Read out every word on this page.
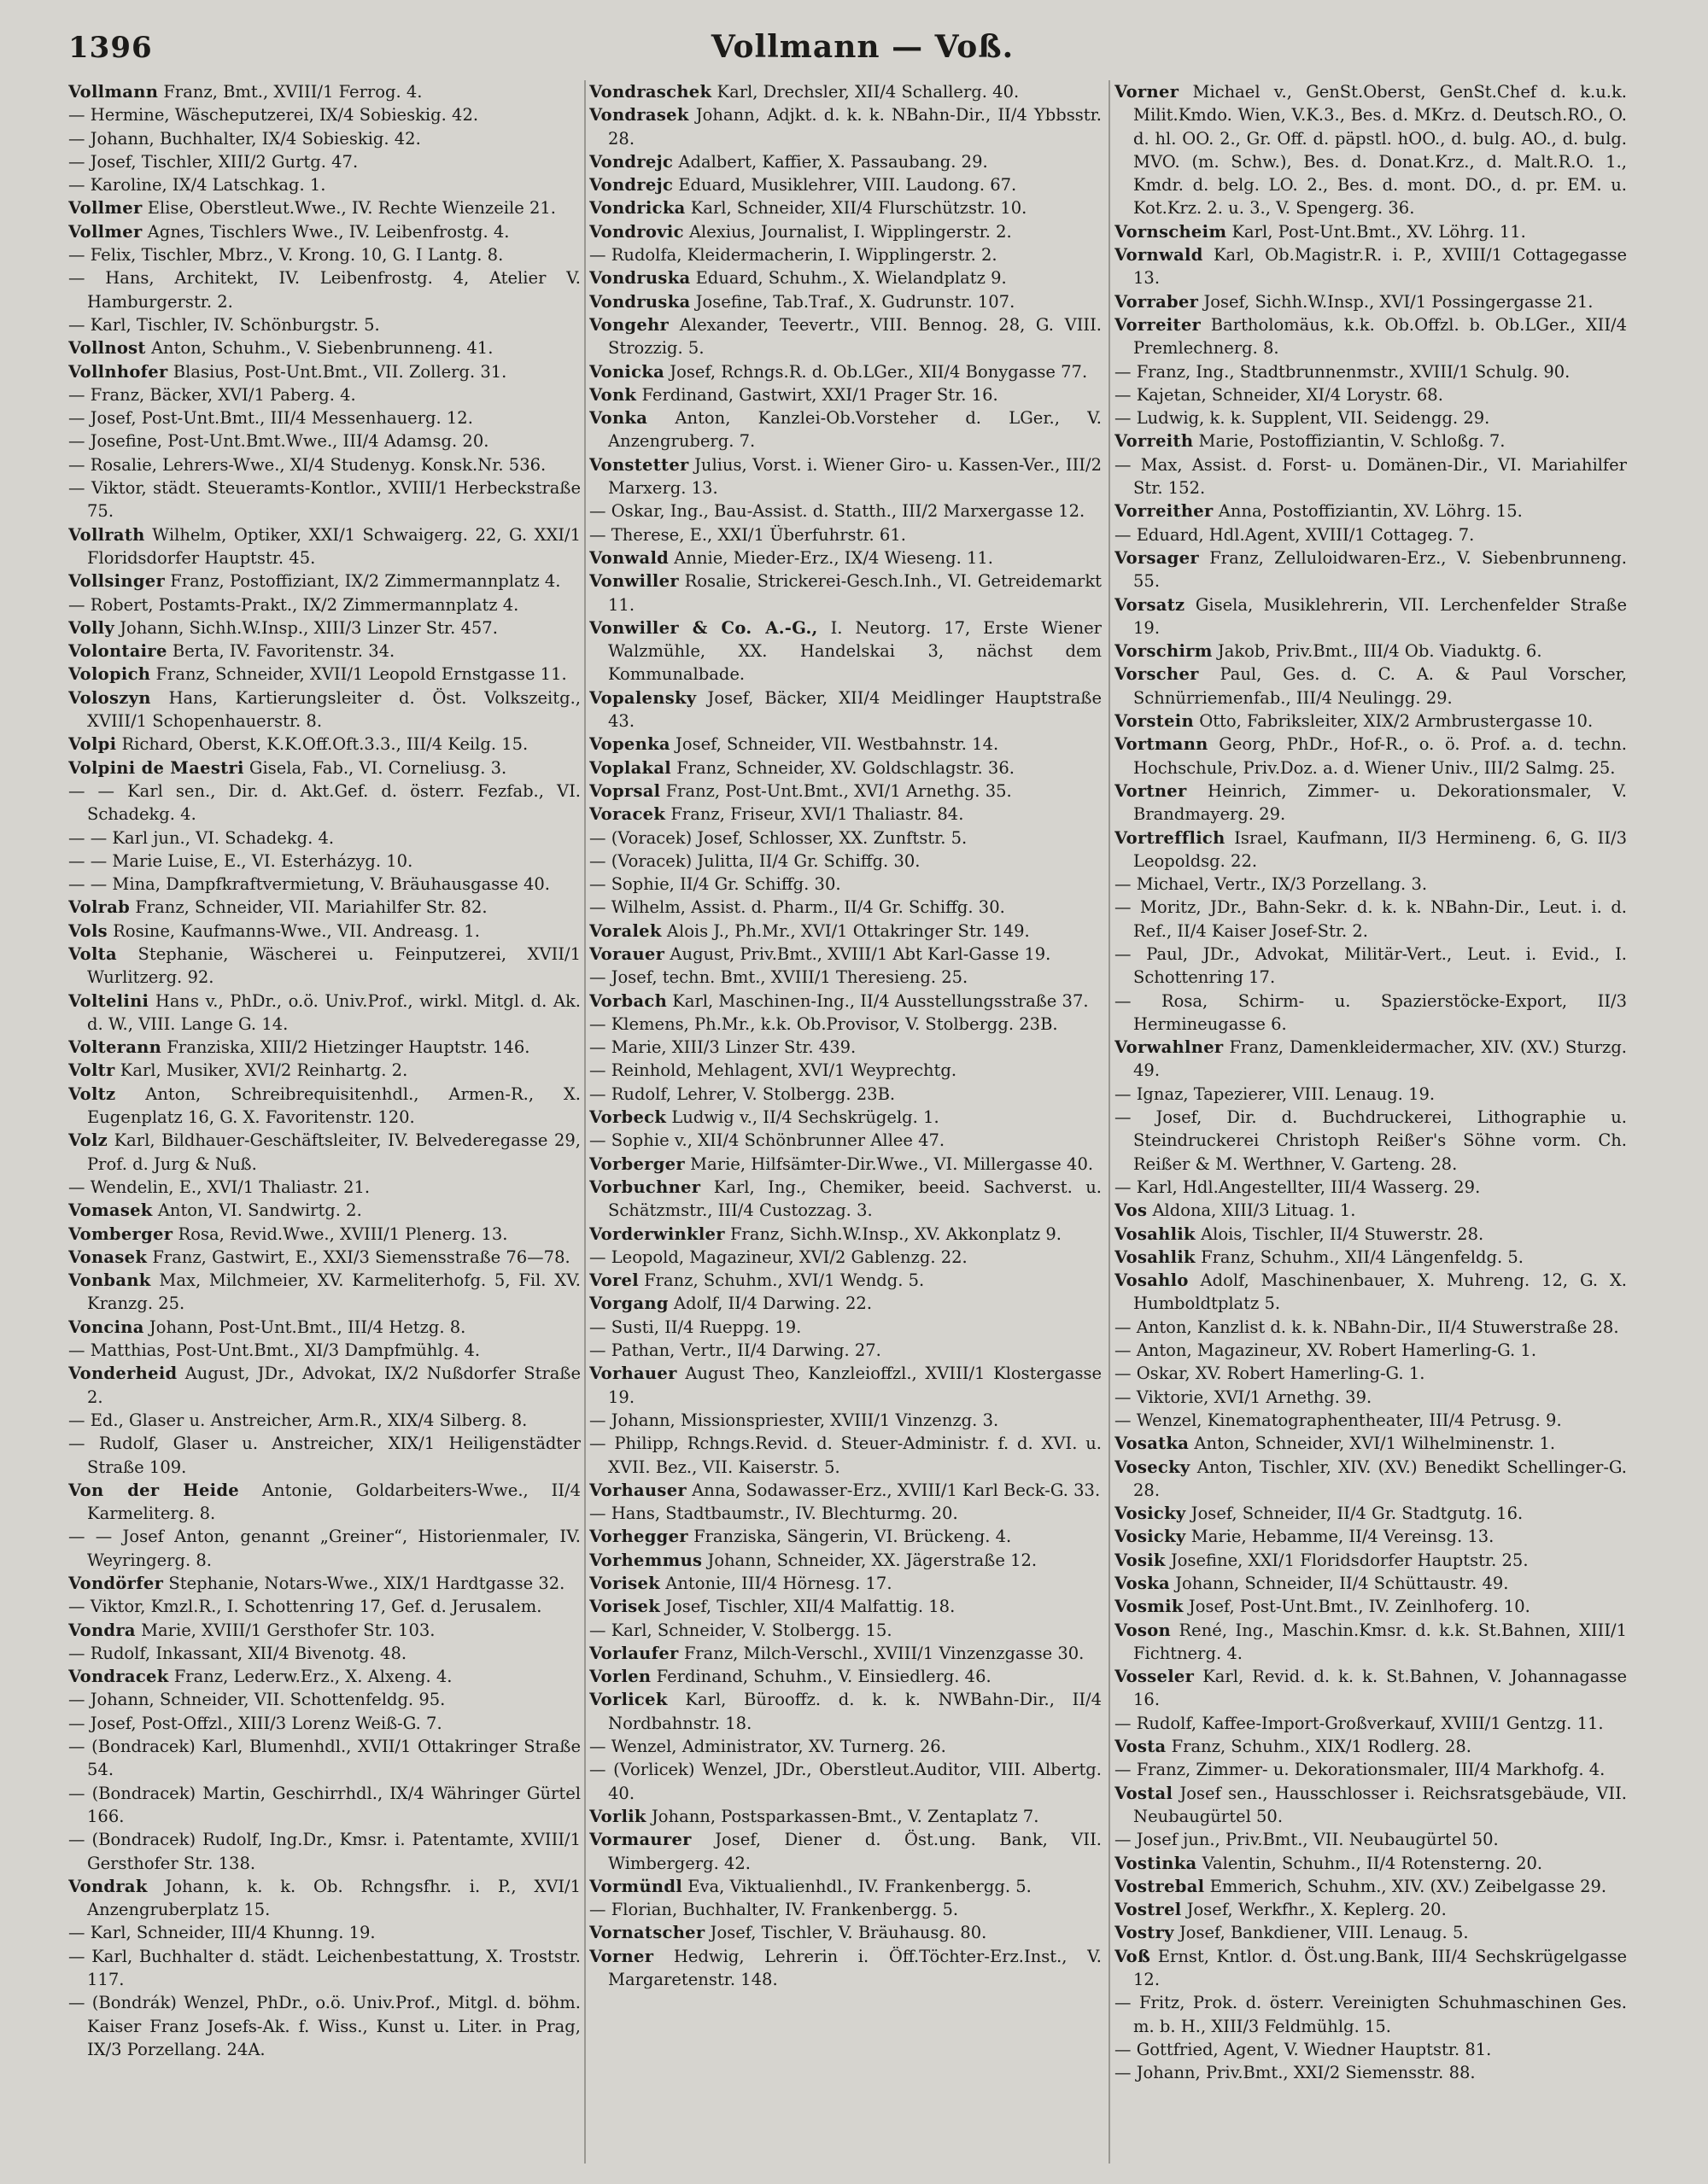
1396	Vollmann — Voß.

Vollmann Franz, Bmt., XVIII/1 Ferrog. 4.

— Hermine, Wäscheputzerei, IX/4 Sobieskig. 42.

— Johann, Buchhalter, IX/4 Sobieskig. 42.

— Josef, Tischler, XIII/2 Gurtg. 47.

— Karoline, IX/4 Latschkag. 1.

Vollmer Elise, Oberstleut.Wwe., IV. Rechte Wienzeile 21.

Vollmer Agnes, Tischlers Wwe., IV. Leibenfrostg. 4.

— Felix, Tischler, Mbrz., V. Krong. 10, G. I Lantg. 8.

— Hans, Architekt, IV. Leibenfrostg. 4, Atelier V. Hamburgerstr. 2.

— Karl, Tischler, IV. Schönburgstr. 5.

Vollnost Anton, Schuhm., V. Siebenbrunneng. 41.

Vollnhofer Blasius, Post-Unt.Bmt., VII. Zollerg. 31.

— Franz, Bäcker, XVI/1 Paberg. 4.

— Josef, Post-Unt.Bmt., III/4 Messenhauerg. 12.

— Josefine, Post-Unt.Bmt.Wwe., III/4 Adamsg. 20.

— Rosalie, Lehrers-Wwe., XI/4 Studenyg. Konsk.Nr. 536.

— Viktor, städt. Steueramts-Kontlor., XVIII/1 Herbeckstraße 75.

Vollrath Wilhelm, Optiker, XXI/1 Schwaigerg. 22, G. XXI/1 Floridsdorfer Hauptstr. 45.

Vollsinger Franz, Postoffiziant, IX/2 Zimmermannplatz 4.

— Robert, Postamts-Prakt., IX/2 Zimmermannplatz 4.

Volly Johann, Sichh.W.Insp., XIII/3 Linzer Str. 457.

Volontaire Berta, IV. Favoritenstr. 34.

Volopich Franz, Schneider, XVII/1 Leopold Ernstgasse 11.

Voloszyn Hans, Kartierungsleiter d. Öst. Volkszeitg., XVIII/1 Schopenhauerstr. 8.

Volpi Richard, Oberst, K.K.Off.Oft.3.3., III/4 Keilg. 15.

Volpini de Maestri Gisela, Fab., VI. Corneliusg. 3.

— — Karl sen., Dir. d. Akt.Gef. d. österr. Fezfab., VI. Schadekg. 4.

— — Karl jun., VI. Schadekg. 4.

— — Marie Luise, E., VI. Esterházyg. 10.

— — Mina, Dampfkraftvermietung, V. Bräuhausgasse 40.

Volrab Franz, Schneider, VII. Mariahilfer Str. 82.

Vols Rosine, Kaufmanns-Wwe., VII. Andreasg. 1.

Volta Stephanie, Wäscherei u. Feinputzerei, XVII/1 Wurlitzerg. 92.

Voltelini Hans v., PhDr., o.ö. Univ.Prof., wirkl. Mitgl. d. Ak. d. W., VIII. Lange G. 14.

Volterann Franziska, XIII/2 Hietzinger Hauptstr. 146.

Voltr Karl, Musiker, XVI/2 Reinhartg. 2.

Voltz Anton, Schreibrequisitenhdl., Armen-R., X. Eugenplatz 16, G. X. Favoritenstr. 120.

Volz Karl, Bildhauer-Geschäftsleiter, IV. Belvederegasse 29, Prof. d. Jurg & Nuß.

— Wendelin, E., XVI/1 Thaliastr. 21.

Vomasek Anton, VI. Sandwirtg. 2.

Vomberger Rosa, Revid.Wwe., XVIII/1 Plenerg. 13.

Vonasek Franz, Gastwirt, E., XXI/3 Siemensstraße 76—78.

Vonbank Max, Milchmeier, XV. Karmeliterhofg. 5, Fil. XV. Kranzg. 25.

Voncina Johann, Post-Unt.Bmt., III/4 Hetzg. 8.

— Matthias, Post-Unt.Bmt., XI/3 Dampfmühlg. 4.

Vonderheid August, JDr., Advokat, IX/2 Nußdorfer Straße 2.

— Ed., Glaser u. Anstreicher, Arm.R., XIX/4 Silberg. 8.

— Rudolf, Glaser u. Anstreicher, XIX/1 Heiligenstädter Straße 109.

Von der Heide Antonie, Goldarbeiters-Wwe., II/4 Karmeliterg. 8.

— — Josef Anton, genannt „Greiner“, Historienmaler, IV. Weyringerg. 8.

Vondörfer Stephanie, Notars-Wwe., XIX/1 Hardtgasse 32.

— Viktor, Kmzl.R., I. Schottenring 17, Gef. d. Jerusalem.

Vondra Marie, XVIII/1 Gersthofer Str. 103.

— Rudolf, Inkassant, XII/4 Bivenotg. 48.

Vondracek Franz, Lederw.Erz., X. Alxeng. 4.

— Johann, Schneider, VII. Schottenfeldg. 95.

— Josef, Post-Offzl., XIII/3 Lorenz Weiß-G. 7.

— (Bondracek) Karl, Blumenhdl., XVII/1 Ottakringer Straße 54.

— (Bondracek) Martin, Geschirrhdl., IX/4 Währinger Gürtel 166.

— (Bondracek) Rudolf, Ing.Dr., Kmsr. i. Patentamte, XVIII/1 Gersthofer Str. 138.

Vondrak Johann, k. k. Ob. Rchngsfhr. i. P., XVI/1 Anzengruberplatz 15.

— Karl, Schneider, III/4 Khunng. 19.

— Karl, Buchhalter d. städt. Leichenbestattung, X. Troststr. 117.

— (Bondrák) Wenzel, PhDr., o.ö. Univ.Prof., Mitgl. d. böhm. Kaiser Franz Josefs-Ak. f. Wiss., Kunst u. Liter. in Prag, IX/3 Porzellang. 24A.

Vondraschek Karl, Drechsler, XII/4 Schallerg. 40.

Vondrasek Johann, Adjkt. d. k. k. NBahn-Dir., II/4 Ybbsstr. 28.

Vondrejc Adalbert, Kaffier, X. Passaubang. 29.

Vondrejc Eduard, Musiklehrer, VIII. Laudong. 67.

Vondricka Karl, Schneider, XII/4 Flurschützstr. 10.

Vondrovic Alexius, Journalist, I. Wipplingerstr. 2.

— Rudolfa, Kleidermacherin, I. Wipplingerstr. 2.

Vondruska Eduard, Schuhm., X. Wielandplatz 9.

Vondruska Josefine, Tab.Traf., X. Gudrunstr. 107.

Vongehr Alexander, Teevertr., VIII. Bennog. 28, G. VIII. Strozzig. 5.

Vonicka Josef, Rchngs.R. d. Ob.LGer., XII/4 Bonygasse 77.

Vonk Ferdinand, Gastwirt, XXI/1 Prager Str. 16.

Vonka Anton, Kanzlei-Ob.Vorsteher d. LGer., V. Anzengruberg. 7.

Vonstetter Julius, Vorst. i. Wiener Giro- u. Kassen-Ver., III/2 Marxerg. 13.

— Oskar, Ing., Bau-Assist. d. Statth., III/2 Marxergasse 12.

— Therese, E., XXI/1 Überfuhrstr. 61.

Vonwald Annie, Mieder-Erz., IX/4 Wieseng. 11.

Vonwiller Rosalie, Strickerei-Gesch.Inh., VI. Getreidemarkt 11.

Vonwiller & Co. A.-G., I. Neutorg. 17, Erste Wiener Walzmühle, XX. Handelskai 3, nächst dem Kommunalbade.

Vopalensky Josef, Bäcker, XII/4 Meidlinger Hauptstraße 43.

Vopenka Josef, Schneider, VII. Westbahnstr. 14.

Voplakal Franz, Schneider, XV. Goldschlagstr. 36.

Voprsal Franz, Post-Unt.Bmt., XVI/1 Arnethg. 35.

Voracek Franz, Friseur, XVI/1 Thaliastr. 84.

— (Voracek) Josef, Schlosser, XX. Zunftstr. 5.

— (Voracek) Julitta, II/4 Gr. Schiffg. 30.

— Sophie, II/4 Gr. Schiffg. 30.

— Wilhelm, Assist. d. Pharm., II/4 Gr. Schiffg. 30.

Voralek Alois J., Ph.Mr., XVI/1 Ottakringer Str. 149.

Vorauer August, Priv.Bmt., XVIII/1 Abt Karl-Gasse 19.

— Josef, techn. Bmt., XVIII/1 Theresieng. 25.

Vorbach Karl, Maschinen-Ing., II/4 Ausstellungsstraße 37.

— Klemens, Ph.Mr., k.k. Ob.Provisor, V. Stolbergg. 23B.

— Marie, XIII/3 Linzer Str. 439.

— Reinhold, Mehlagent, XVI/1 Weyprechtg.

— Rudolf, Lehrer, V. Stolbergg. 23B.

Vorbeck Ludwig v., II/4 Sechskrügelg. 1.

— Sophie v., XII/4 Schönbrunner Allee 47.

Vorberger Marie, Hilfsämter-Dir.Wwe., VI. Millergasse 40.

Vorbuchner Karl, Ing., Chemiker, beeid. Sachverst. u. Schätzmstr., III/4 Custozzag. 3.

Vorderwinkler Franz, Sichh.W.Insp., XV. Akkonplatz 9.

— Leopold, Magazineur, XVI/2 Gablenzg. 22.

Vorel Franz, Schuhm., XVI/1 Wendg. 5.

Vorgang Adolf, II/4 Darwing. 22.

— Susti, II/4 Rueppg. 19.

— Pathan, Vertr., II/4 Darwing. 27.

Vorhauer August Theo, Kanzleioffzl., XVIII/1 Klostergasse 19.

— Johann, Missionspriester, XVIII/1 Vinzenzg. 3.

— Philipp, Rchngs.Revid. d. Steuer-Administr. f. d. XVI. u. XVII. Bez., VII. Kaiserstr. 5.

Vorhauser Anna, Sodawasser-Erz., XVIII/1 Karl Beck-G. 33.

— Hans, Stadtbaumstr., IV. Blechturmg. 20.

Vorhegger Franziska, Sängerin, VI. Brückeng. 4.

Vorhemmus Johann, Schneider, XX. Jägerstraße 12.

Vorisek Antonie, III/4 Hörnesg. 17.

Vorisek Josef, Tischler, XII/4 Malfattig. 18.

— Karl, Schneider, V. Stolbergg. 15.

Vorlaufer Franz, Milch-Verschl., XVIII/1 Vinzenzgasse 30.

Vorlen Ferdinand, Schuhm., V. Einsiedlerg. 46.

Vorlicek Karl, Bürooffz. d. k. k. NWBahn-Dir., II/4 Nordbahnstr. 18.

— Wenzel, Administrator, XV. Turnerg. 26.

— (Vorlicek) Wenzel, JDr., Oberstleut.Auditor, VIII. Albertg. 40.

Vorlik Johann, Postsparkassen-Bmt., V. Zentaplatz 7.

Vormaurer Josef, Diener d. Öst.ung. Bank, VII. Wimbergerg. 42.

Vormündl Eva, Viktualienhdl., IV. Frankenbergg. 5.

— Florian, Buchhalter, IV. Frankenbergg. 5.

Vornatscher Josef, Tischler, V. Bräuhausg. 80.

Vorner Hedwig, Lehrerin i. Öff.Töchter-Erz.Inst., V. Margaretenstr. 148.

Vorner Michael v., GenSt.Oberst, GenSt.Chef d. k.u.k. Milit.Kmdo. Wien, V.K.3., Bes. d. MKrz. d. Deutsch.RO., O. d. hl. OO. 2., Gr. Off. d. päpstl. hOO., d. bulg. AO., d. bulg. MVO. (m. Schw.), Bes. d. Donat.Krz., d. Malt.R.O. 1., Kmdr. d. belg. LO. 2., Bes. d. mont. DO., d. pr. EM. u. Kot.Krz. 2. u. 3., V. Spengerg. 36.

Vornscheim Karl, Post-Unt.Bmt., XV. Löhrg. 11.

Vornwald Karl, Ob.Magistr.R. i. P., XVIII/1 Cottagegasse 13.

Vorraber Josef, Sichh.W.Insp., XVI/1 Possingergasse 21.

Vorreiter Bartholomäus, k.k. Ob.Offzl. b. Ob.LGer., XII/4 Premlechnerg. 8.

— Franz, Ing., Stadtbrunnenmstr., XVIII/1 Schulg. 90.

— Kajetan, Schneider, XI/4 Lorystr. 68.

— Ludwig, k. k. Supplent, VII. Seidengg. 29.

Vorreith Marie, Postoffiziantin, V. Schloßg. 7.

— Max, Assist. d. Forst- u. Domänen-Dir., VI. Mariahilfer Str. 152.

Vorreither Anna, Postoffiziantin, XV. Löhrg. 15.

— Eduard, Hdl.Agent, XVIII/1 Cottageg. 7.

Vorsager Franz, Zelluloidwaren-Erz., V. Siebenbrunneng. 55.

Vorsatz Gisela, Musiklehrerin, VII. Lerchenfelder Straße 19.

Vorschirm Jakob, Priv.Bmt., III/4 Ob. Viaduktg. 6.

Vorscher Paul, Ges. d. C. A. & Paul Vorscher, Schnürriemenfab., III/4 Neulingg. 29.

Vorstein Otto, Fabriksleiter, XIX/2 Armbrustergasse 10.

Vortmann Georg, PhDr., Hof-R., o. ö. Prof. a. d. techn. Hochschule, Priv.Doz. a. d. Wiener Univ., III/2 Salmg. 25.

Vortner Heinrich, Zimmer- u. Dekorationsmaler, V. Brandmayerg. 29.

Vortrefflich Israel, Kaufmann, II/3 Hermineng. 6, G. II/3 Leopoldsg. 22.

— Michael, Vertr., IX/3 Porzellang. 3.

— Moritz, JDr., Bahn-Sekr. d. k. k. NBahn-Dir., Leut. i. d. Ref., II/4 Kaiser Josef-Str. 2.

— Paul, JDr., Advokat, Militär-Vert., Leut. i. Evid., I. Schottenring 17.

— Rosa, Schirm- u. Spazierstöcke-Export, II/3 Hermineugasse 6.

Vorwahlner Franz, Damenkleidermacher, XIV. (XV.) Sturzg. 49.

— Ignaz, Tapezierer, VIII. Lenaug. 19.

— Josef, Dir. d. Buchdruckerei, Lithographie u. Steindruckerei Christoph Reißer's Söhne vorm. Ch. Reißer & M. Werthner, V. Garteng. 28.

— Karl, Hdl.Angestellter, III/4 Wasserg. 29.

Vos Aldona, XIII/3 Lituag. 1.

Vosahlik Alois, Tischler, II/4 Stuwerstr. 28.

Vosahlik Franz, Schuhm., XII/4 Längenfeldg. 5.

Vosahlo Adolf, Maschinenbauer, X. Muhreng. 12, G. X. Humboldtplatz 5.

— Anton, Kanzlist d. k. k. NBahn-Dir., II/4 Stuwerstraße 28.

— Anton, Magazineur, XV. Robert Hamerling-G. 1.

— Oskar, XV. Robert Hamerling-G. 1.

— Viktorie, XVI/1 Arnethg. 39.

— Wenzel, Kinematographentheater, III/4 Petrusg. 9.

Vosatka Anton, Schneider, XVI/1 Wilhelminenstr. 1.

Vosecky Anton, Tischler, XIV. (XV.) Benedikt Schellinger-G. 28.

Vosicky Josef, Schneider, II/4 Gr. Stadtgutg. 16.

Vosicky Marie, Hebamme, II/4 Vereinsg. 13.

Vosik Josefine, XXI/1 Floridsdorfer Hauptstr. 25.

Voska Johann, Schneider, II/4 Schüttaustr. 49.

Vosmik Josef, Post-Unt.Bmt., IV. Zeinlhoferg. 10.

Voson René, Ing., Maschin.Kmsr. d. k.k. St.Bahnen, XIII/1 Fichtnerg. 4.

Vosseler Karl, Revid. d. k. k. St.Bahnen, V. Johannagasse 16.

— Rudolf, Kaffee-Import-Großverkauf, XVIII/1 Gentzg. 11.

Vosta Franz, Schuhm., XIX/1 Rodlerg. 28.

— Franz, Zimmer- u. Dekorationsmaler, III/4 Markhofg. 4.

Vostal Josef sen., Hausschlosser i. Reichsratsgebäude, VII. Neubaugürtel 50.

— Josef jun., Priv.Bmt., VII. Neubaugürtel 50.

Vostinka Valentin, Schuhm., II/4 Rotensterng. 20.

Vostrebal Emmerich, Schuhm., XIV. (XV.) Zeibelgasse 29.

Vostrel Josef, Werkfhr., X. Keplerg. 20.

Vostry Josef, Bankdiener, VIII. Lenaug. 5.

Voß Ernst, Kntlor. d. Öst.ung.Bank, III/4 Sechskrügelgasse 12.

— Fritz, Prok. d. österr. Vereinigten Schuhmaschinen Ges. m. b. H., XIII/3 Feldmühlg. 15.

— Gottfried, Agent, V. Wiedner Hauptstr. 81.

— Johann, Priv.Bmt., XXI/2 Siemensstr. 88.
